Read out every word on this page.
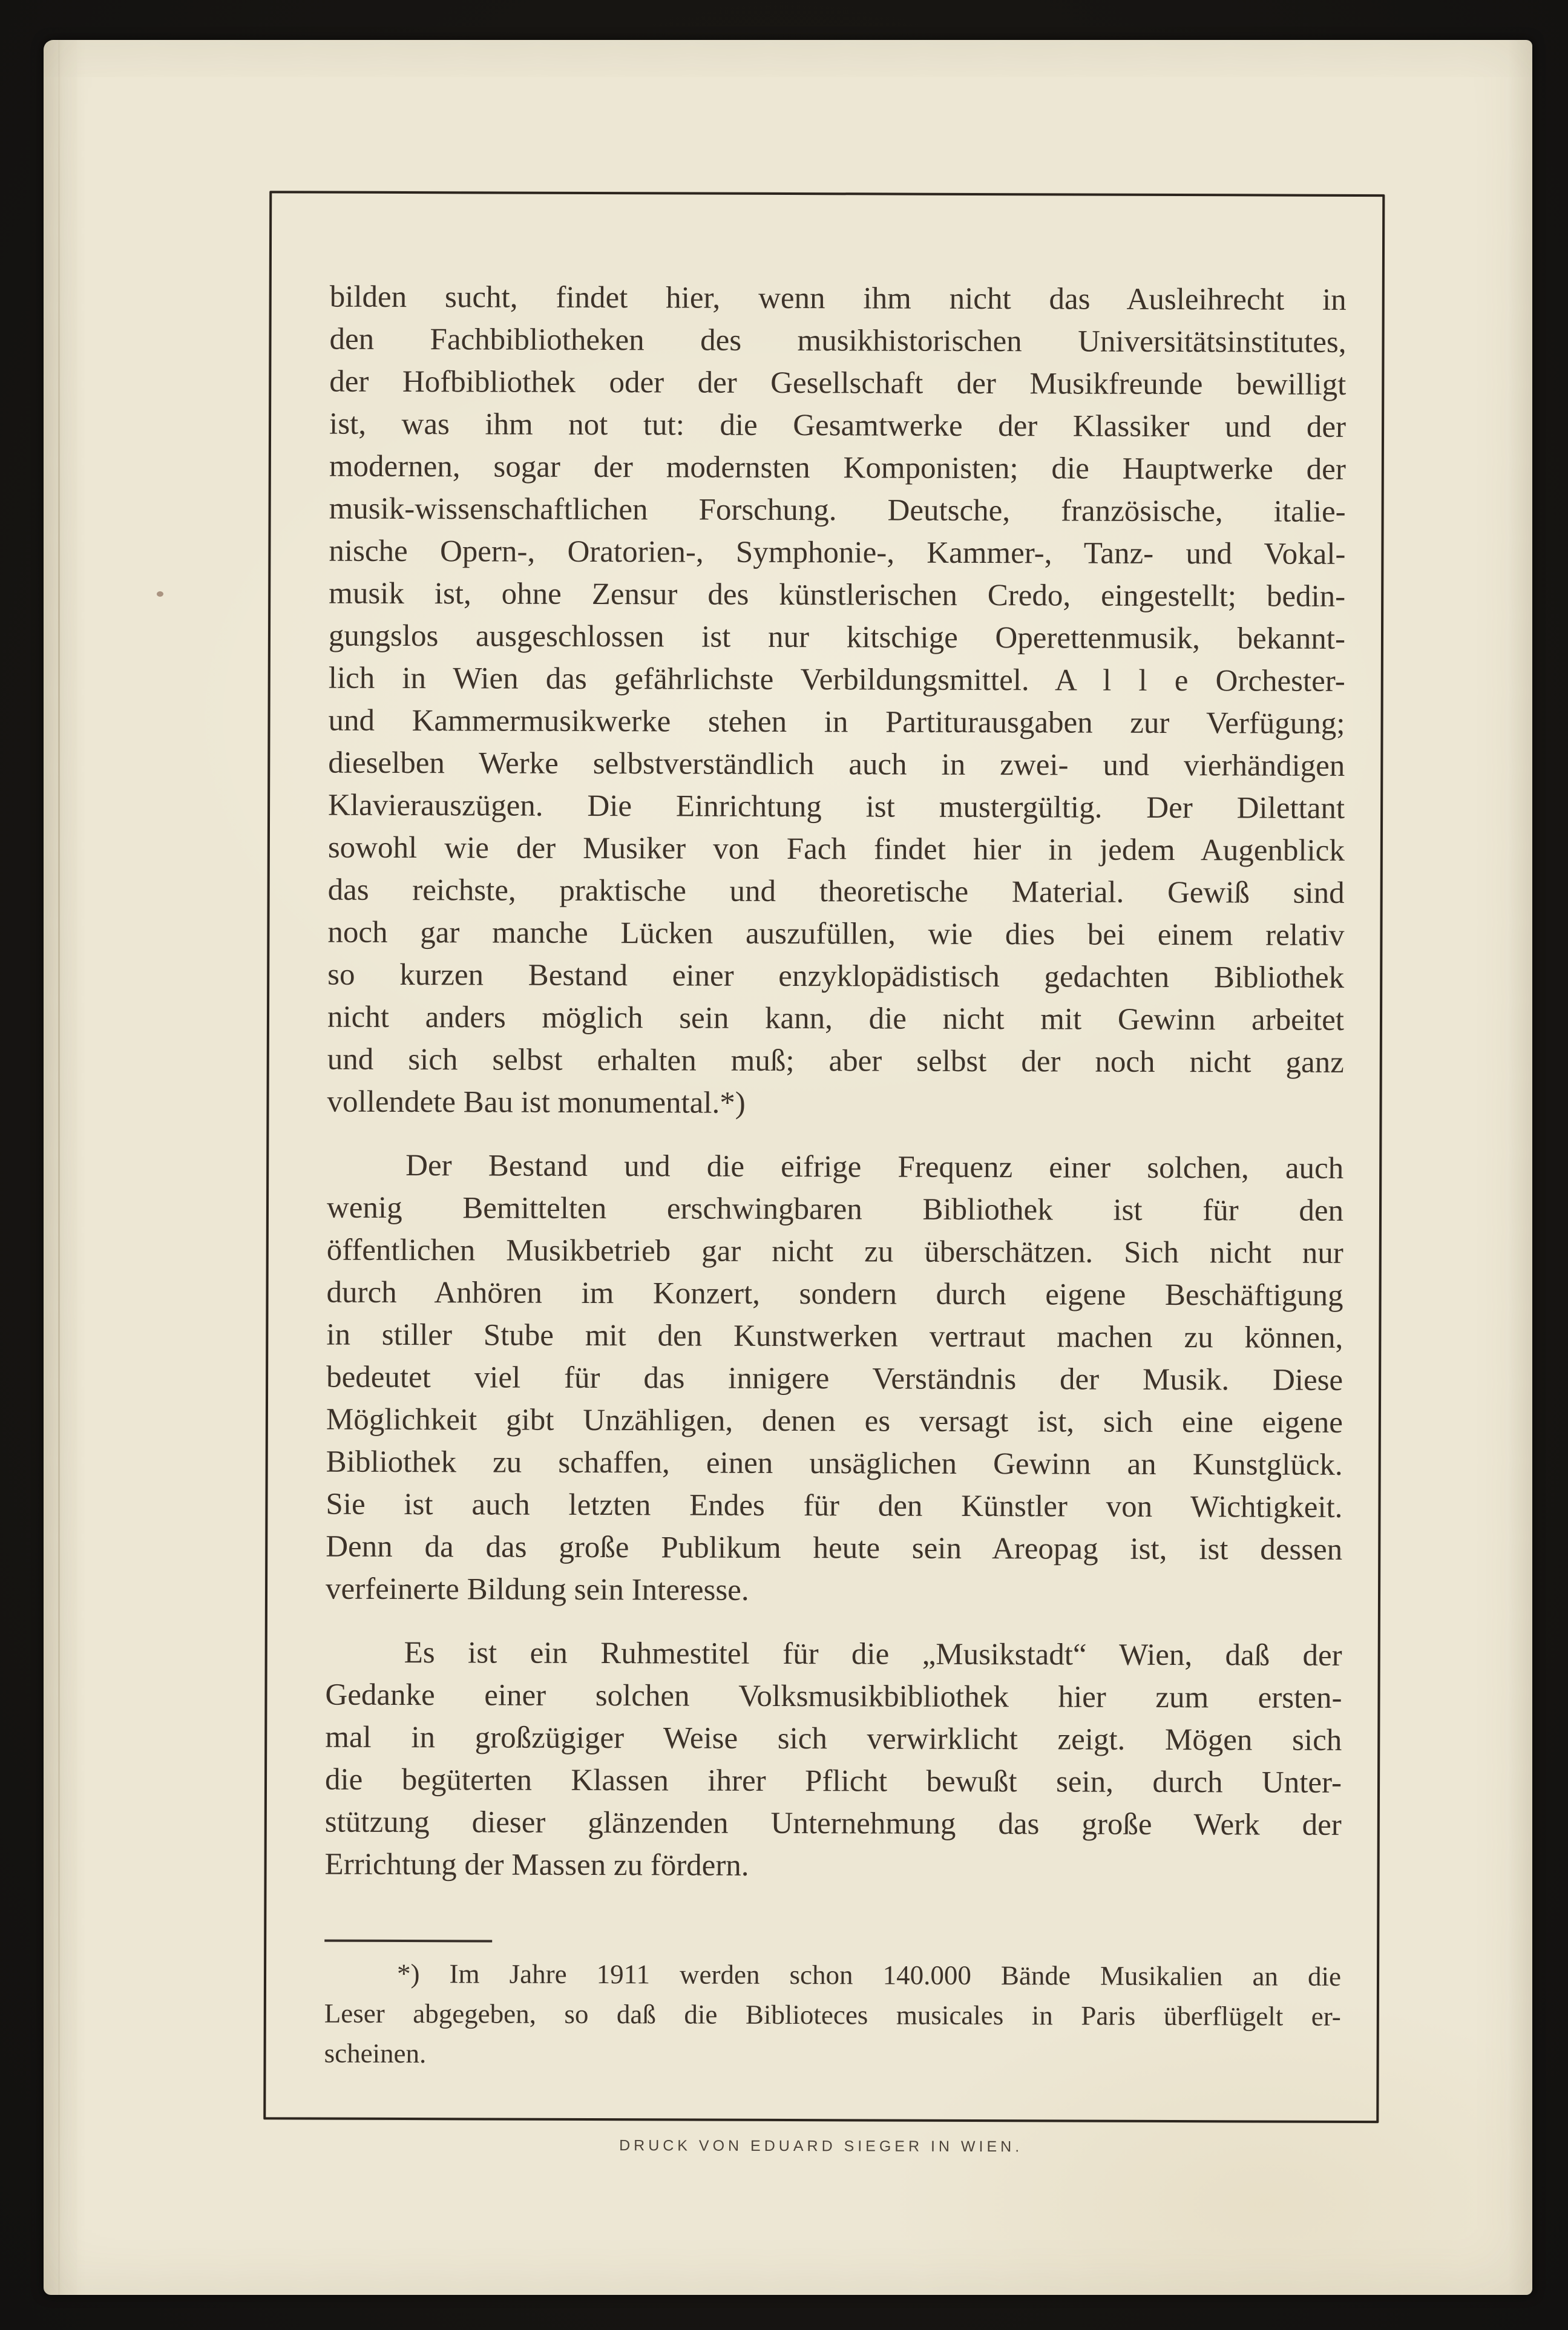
bilden sucht, findet hier, wenn ihm nicht das Ausleihrecht in
den Fachbibliotheken des musikhistorischen Universitätsinstitutes,
der Hofbibliothek oder der Gesellschaft der Musikfreunde bewilligt
ist, was ihm not tut: die Gesamtwerke der Klassiker und der
modernen, sogar der modernsten Komponisten; die Hauptwerke der
musik-wissenschaftlichen Forschung. Deutsche, französische, italie-
nische Opern-, Oratorien-, Symphonie-, Kammer-, Tanz- und Vokal-
musik ist, ohne Zensur des künstlerischen Credo, eingestellt; bedin-
gungslos ausgeschlossen ist nur kitschige Operettenmusik, bekannt-
lich in Wien das gefährlichste Verbildungsmittel. A l l e Orchester-
und Kammermusikwerke stehen in Partiturausgaben zur Verfügung;
dieselben Werke selbstverständlich auch in zwei- und vierhändigen
Klavierauszügen. Die Einrichtung ist mustergültig. Der Dilettant
sowohl wie der Musiker von Fach findet hier in jedem Augenblick
das reichste, praktische und theoretische Material. Gewiß sind
noch gar manche Lücken auszufüllen, wie dies bei einem relativ
so kurzen Bestand einer enzyklopädistisch gedachten Bibliothek
nicht anders möglich sein kann, die nicht mit Gewinn arbeitet
und sich selbst erhalten muß; aber selbst der noch nicht ganz
vollendete Bau ist monumental.*)
Der Bestand und die eifrige Frequenz einer solchen, auch
wenig Bemittelten erschwingbaren Bibliothek ist für den
öffentlichen Musikbetrieb gar nicht zu überschätzen. Sich nicht nur
durch Anhören im Konzert, sondern durch eigene Beschäftigung
in stiller Stube mit den Kunstwerken vertraut machen zu können,
bedeutet viel für das innigere Verständnis der Musik. Diese
Möglichkeit gibt Unzähligen, denen es versagt ist, sich eine eigene
Bibliothek zu schaffen, einen unsäglichen Gewinn an Kunstglück.
Sie ist auch letzten Endes für den Künstler von Wichtigkeit.
Denn da das große Publikum heute sein Areopag ist, ist dessen
verfeinerte Bildung sein Interesse.
Es ist ein Ruhmestitel für die „Musikstadt“ Wien, daß der
Gedanke einer solchen Volksmusikbibliothek hier zum ersten-
mal in großzügiger Weise sich verwirklicht zeigt. Mögen sich
die begüterten Klassen ihrer Pflicht bewußt sein, durch Unter-
stützung dieser glänzenden Unternehmung das große Werk der
Errichtung der Massen zu fördern.
*) Im Jahre 1911 werden schon 140.000 Bände Musikalien an die
Leser abgegeben, so daß die Biblioteces musicales in Paris überflügelt er-
scheinen.
DRUCK VON EDUARD SIEGER IN WIEN.
